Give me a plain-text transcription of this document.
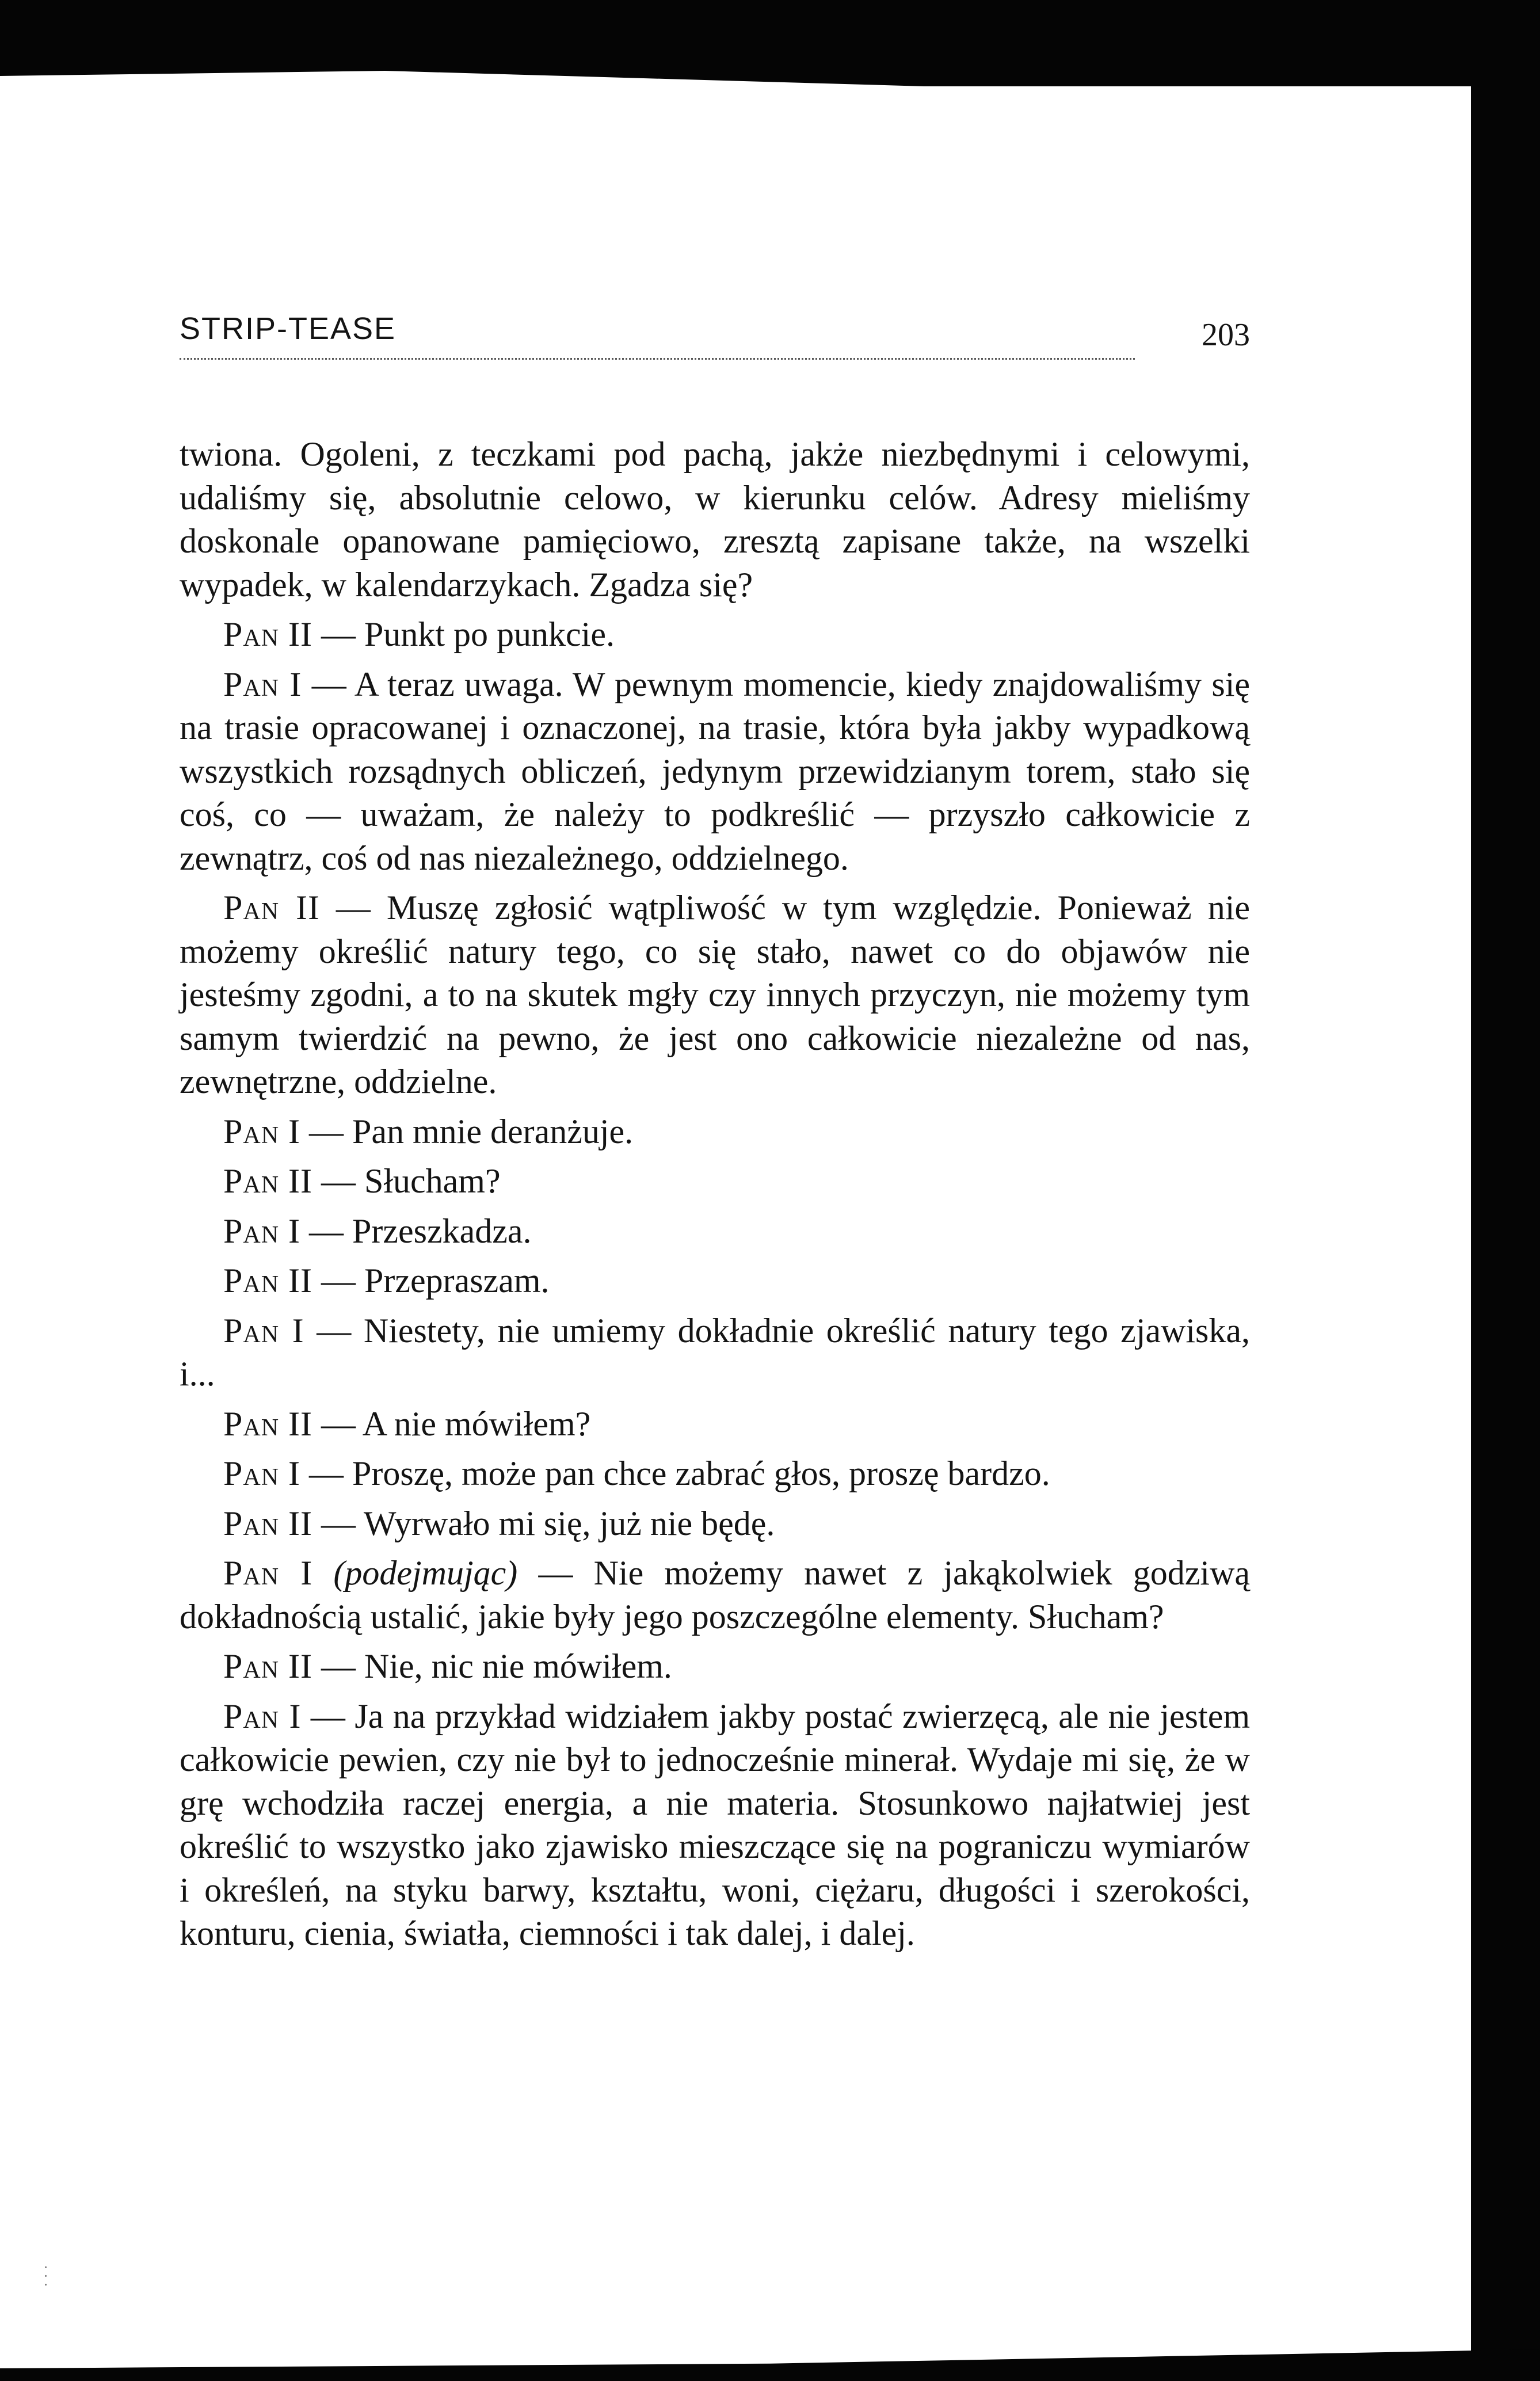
STRIP-TEASE	203

twiona. Ogoleni, z teczkami pod pachą, jakże niezbędnymi i celowymi, udaliśmy się, absolutnie celowo, w kierunku celów. Adresy mieliśmy doskonale opanowane pamięciowo, zresztą zapisane także, na wszelki wypadek, w kalendarzykach. Zgadza się?

Pan II — Punkt po punkcie.

Pan I — A teraz uwaga. W pewnym momencie, kiedy znajdowaliśmy się na trasie opracowanej i oznaczonej, na trasie, która była jakby wypadkową wszystkich rozsądnych obliczeń, jedynym przewidzianym torem, stało się coś, co — uważam, że należy to podkreślić — przyszło całkowicie z zewnątrz, coś od nas niezależnego, oddzielnego.

Pan II — Muszę zgłosić wątpliwość w tym względzie. Ponieważ nie możemy określić natury tego, co się stało, nawet co do objawów nie jesteśmy zgodni, a to na skutek mgły czy innych przyczyn, nie możemy tym samym twierdzić na pewno, że jest ono całkowicie niezależne od nas, zewnętrzne, oddzielne.

Pan I — Pan mnie deranżuje.

Pan II — Słucham?

Pan I — Przeszkadza.

Pan II — Przepraszam.

Pan I — Niestety, nie umiemy dokładnie określić natury tego zjawiska, i...

Pan II — A nie mówiłem?

Pan I — Proszę, może pan chce zabrać głos, proszę bardzo.

Pan II — Wyrwało mi się, już nie będę.

Pan I (podejmując) — Nie możemy nawet z jakąkolwiek godziwą dokładnością ustalić, jakie były jego poszczególne elementy. Słucham?

Pan II — Nie, nic nie mówiłem.

Pan I — Ja na przykład widziałem jakby postać zwierzęcą, ale nie jestem całkowicie pewien, czy nie był to jednocześnie minerał. Wydaje mi się, że w grę wchodziła raczej energia, a nie materia. Stosunkowo najłatwiej jest określić to wszystko jako zjawisko mieszczące się na pograniczu wymiarów i określeń, na styku barwy, kształtu, woni, ciężaru, długości i szerokości, konturu, cienia, światła, ciemności i tak dalej, i dalej.

· · ·
